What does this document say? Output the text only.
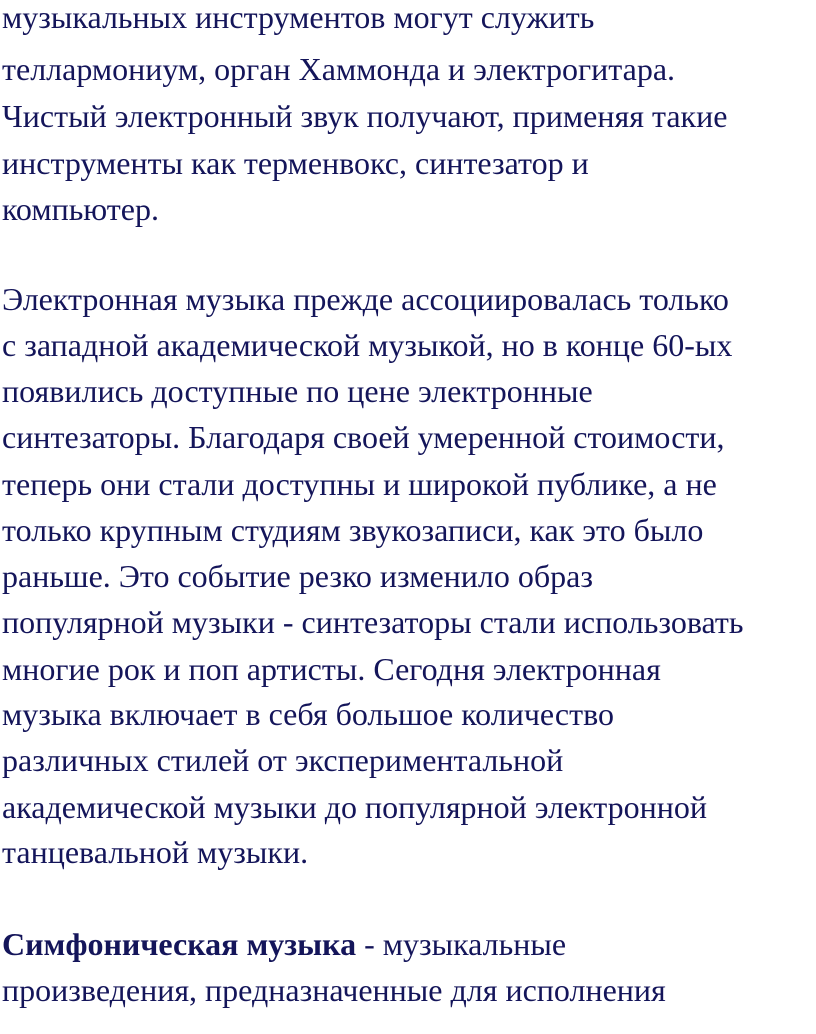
музыкальных инструментов могут служить
теллармониум, орган Хаммонда и электрогитара.
Чистый электронный звук получают, применяя такие
инструменты как терменвокс, синтезатор и
компьютер.
Электронная музыка прежде ассоциировалась только
с западной академической музыкой, но в конце 60-ых
появились доступные по цене электронные
синтезаторы. Благодаря своей умеренной стоимости,
теперь они стали доступны и широкой публике, а не
только крупным студиям звукозаписи, как это было
раньше. Это событие резко изменило образ
популярной музыки - синтезаторы стали использовать
многие рок и поп артисты. Сегодня электронная
музыка включает в себя большое количество
различных стилей от экспериментальной
академической музыки до популярной электронной
танцевальной музыки.
Симфоническая музыка - музыкальные
произведения, предназначенные для исполнения
